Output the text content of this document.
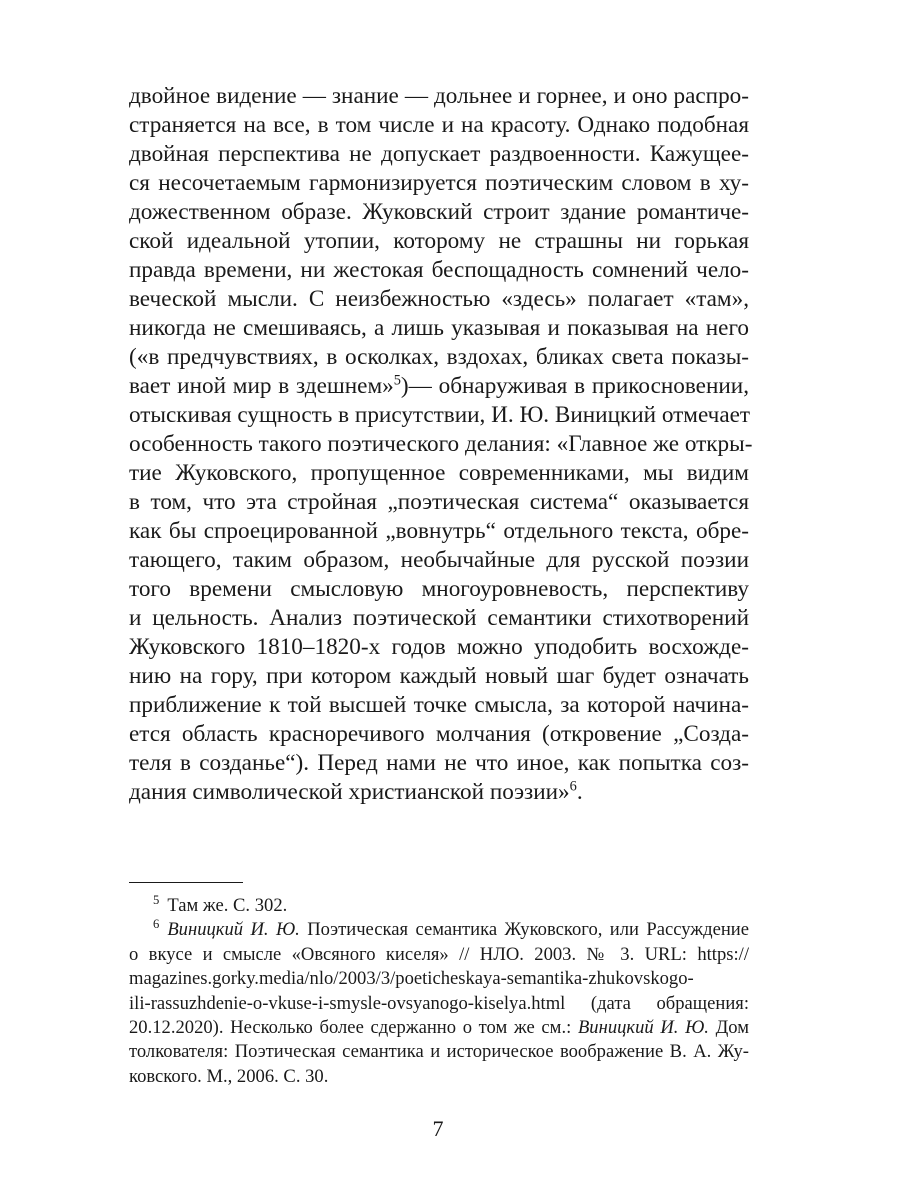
двойное видение — знание — дольнее и горнее, и оно распро-
страняется на все, в том числе и на красоту. Однако подобная
двойная перспектива не допускает раздвоенности. Кажущее-
ся несочетаемым гармонизируется поэтическим словом в ху-
дожественном образе. Жуковский строит здание романтиче-
ской идеальной утопии, которому не страшны ни горькая
правда времени, ни жестокая беспощадность сомнений чело-
веческой мысли. С неизбежностью «здесь» полагает «там»,
никогда не смешиваясь, а лишь указывая и показывая на него
(«в предчувствиях, в осколках, вздохах, бликах света показы-
вает иной мир в здешнем»$^5$)— обнаруживая в прикосновении,
отыскивая сущность в присутствии, И. Ю. Виницкий отмечает
особенность такого поэтического делания: «Главное же откры-
тие Жуковского, пропущенное современниками, мы видим
в том, что эта стройная „поэтическая система“ оказывается
как бы спроецированной „вовнутрь“ отдельного текста, обре-
тающего, таким образом, необычайные для русской поэзии
того времени смысловую многоуровневость, перспективу
и цельность. Анализ поэтической семантики стихотворений
Жуковского 1810–1820-х годов можно уподобить восхожде-
нию на гору, при котором каждый новый шаг будет означать
приближение к той высшей точке смысла, за которой начина-
ется область красноречивого молчания (откровение „Созда-
теля в созданье“). Перед нами не что иное, как попытка соз-
дания символической христианской поэзии»$^6$.
$^5$ Там же. С. 302.
$^6$ Виницкий И. Ю. Поэтическая семантика Жуковского, или Рассуждение
о вкусе и смысле «Овсяного киселя» // НЛО. 2003. № 3. URL: https://
magazines.gorky.media/nlo/2003/3/poeticheskaya-semantika-zhukovskogo-
ili-rassuzhdenie-o-vkuse-i-smysle-ovsyanogo-kiselya.html (дата обращения:
20.12.2020). Несколько более сдержанно о том же см.: Виницкий И. Ю. Дом
толкователя: Поэтическая семантика и историческое воображение В. А. Жу-
ковского. М., 2006. С. 30.
7
